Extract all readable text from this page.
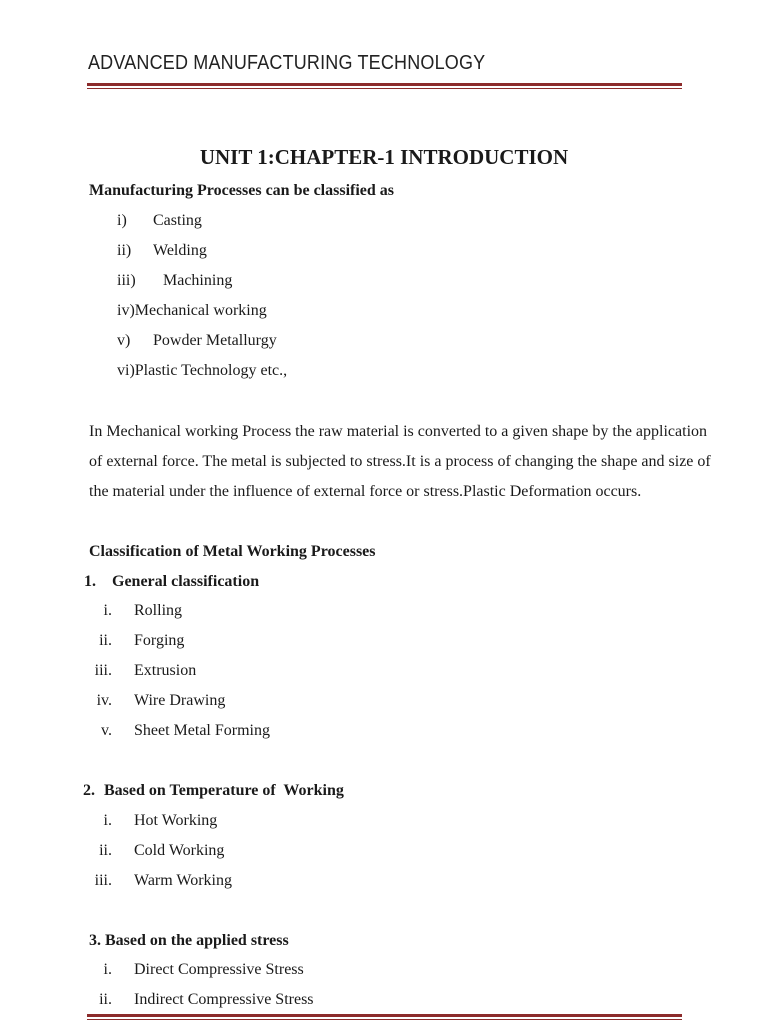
ADVANCED MANUFACTURING TECHNOLOGY
UNIT 1:CHAPTER-1 INTRODUCTION
Manufacturing Processes can be classified as
i) Casting
ii) Welding
iii) Machining
iv)Mechanical working
v) Powder Metallurgy
vi)Plastic Technology etc.,
In Mechanical working Process the raw material is converted to a given shape by the application
of external force. The metal is subjected to stress.It is a process of changing the shape and size of
the material under the influence of external force or stress.Plastic Deformation occurs.
Classification of Metal Working Processes
1. General classification
i. Rolling
ii. Forging
iii. Extrusion
iv. Wire Drawing
v. Sheet Metal Forming
2. Based on Temperature of  Working
i. Hot Working
ii. Cold Working
iii. Warm Working
3. Based on the applied stress
i. Direct Compressive Stress
ii. Indirect Compressive Stress
